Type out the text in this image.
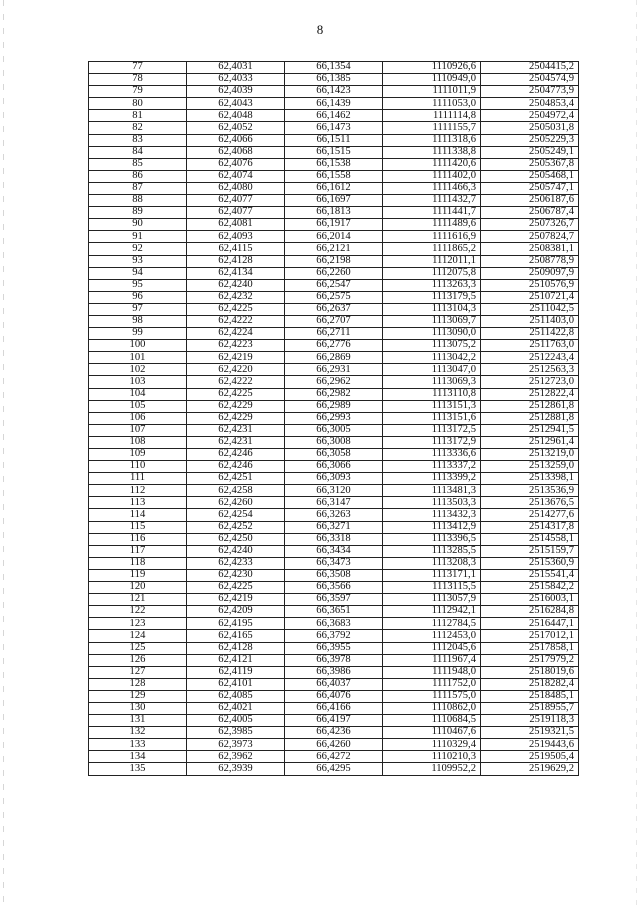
8
77	62,4031	66,1354	1110926,6	2504415,2
78	62,4033	66,1385	1110949,0	2504574,9
79	62,4039	66,1423	1111011,9	2504773,9
80	62,4043	66,1439	1111053,0	2504853,4
81	62,4048	66,1462	1111114,8	2504972,4
82	62,4052	66,1473	1111155,7	2505031,8
83	62,4066	66,1511	1111318,6	2505229,3
84	62,4068	66,1515	1111338,8	2505249,1
85	62,4076	66,1538	1111420,6	2505367,8
86	62,4074	66,1558	1111402,0	2505468,1
87	62,4080	66,1612	1111466,3	2505747,1
88	62,4077	66,1697	1111432,7	2506187,6
89	62,4077	66,1813	1111441,7	2506787,4
90	62,4081	66,1917	1111489,6	2507326,7
91	62,4093	66,2014	1111616,9	2507824,7
92	62,4115	66,2121	1111865,2	2508381,1
93	62,4128	66,2198	1112011,1	2508778,9
94	62,4134	66,2260	1112075,8	2509097,9
95	62,4240	66,2547	1113263,3	2510576,9
96	62,4232	66,2575	1113179,5	2510721,4
97	62,4225	66,2637	1113104,3	2511042,5
98	62,4222	66,2707	1113069,7	2511403,0
99	62,4224	66,2711	1113090,0	2511422,8
100	62,4223	66,2776	1113075,2	2511763,0
101	62,4219	66,2869	1113042,2	2512243,4
102	62,4220	66,2931	1113047,0	2512563,3
103	62,4222	66,2962	1113069,3	2512723,0
104	62,4225	66,2982	1113110,8	2512822,4
105	62,4229	66,2989	1113151,3	2512861,8
106	62,4229	66,2993	1113151,6	2512881,8
107	62,4231	66,3005	1113172,5	2512941,5
108	62,4231	66,3008	1113172,9	2512961,4
109	62,4246	66,3058	1113336,6	2513219,0
110	62,4246	66,3066	1113337,2	2513259,0
111	62,4251	66,3093	1113399,2	2513398,1
112	62,4258	66,3120	1113481,3	2513536,9
113	62,4260	66,3147	1113503,3	2513676,5
114	62,4254	66,3263	1113432,3	2514277,6
115	62,4252	66,3271	1113412,9	2514317,8
116	62,4250	66,3318	1113396,5	2514558,1
117	62,4240	66,3434	1113285,5	2515159,7
118	62,4233	66,3473	1113208,3	2515360,9
119	62,4230	66,3508	1113171,1	2515541,4
120	62,4225	66,3566	1113115,5	2515842,2
121	62,4219	66,3597	1113057,9	2516003,1
122	62,4209	66,3651	1112942,1	2516284,8
123	62,4195	66,3683	1112784,5	2516447,1
124	62,4165	66,3792	1112453,0	2517012,1
125	62,4128	66,3955	1112045,6	2517858,1
126	62,4121	66,3978	1111967,4	2517979,2
127	62,4119	66,3986	1111948,0	2518019,6
128	62,4101	66,4037	1111752,0	2518282,4
129	62,4085	66,4076	1111575,0	2518485,1
130	62,4021	66,4166	1110862,0	2518955,7
131	62,4005	66,4197	1110684,5	2519118,3
132	62,3985	66,4236	1110467,6	2519321,5
133	62,3973	66,4260	1110329,4	2519443,6
134	62,3962	66,4272	1110210,3	2519505,4
135	62,3939	66,4295	1109952,2	2519629,2
